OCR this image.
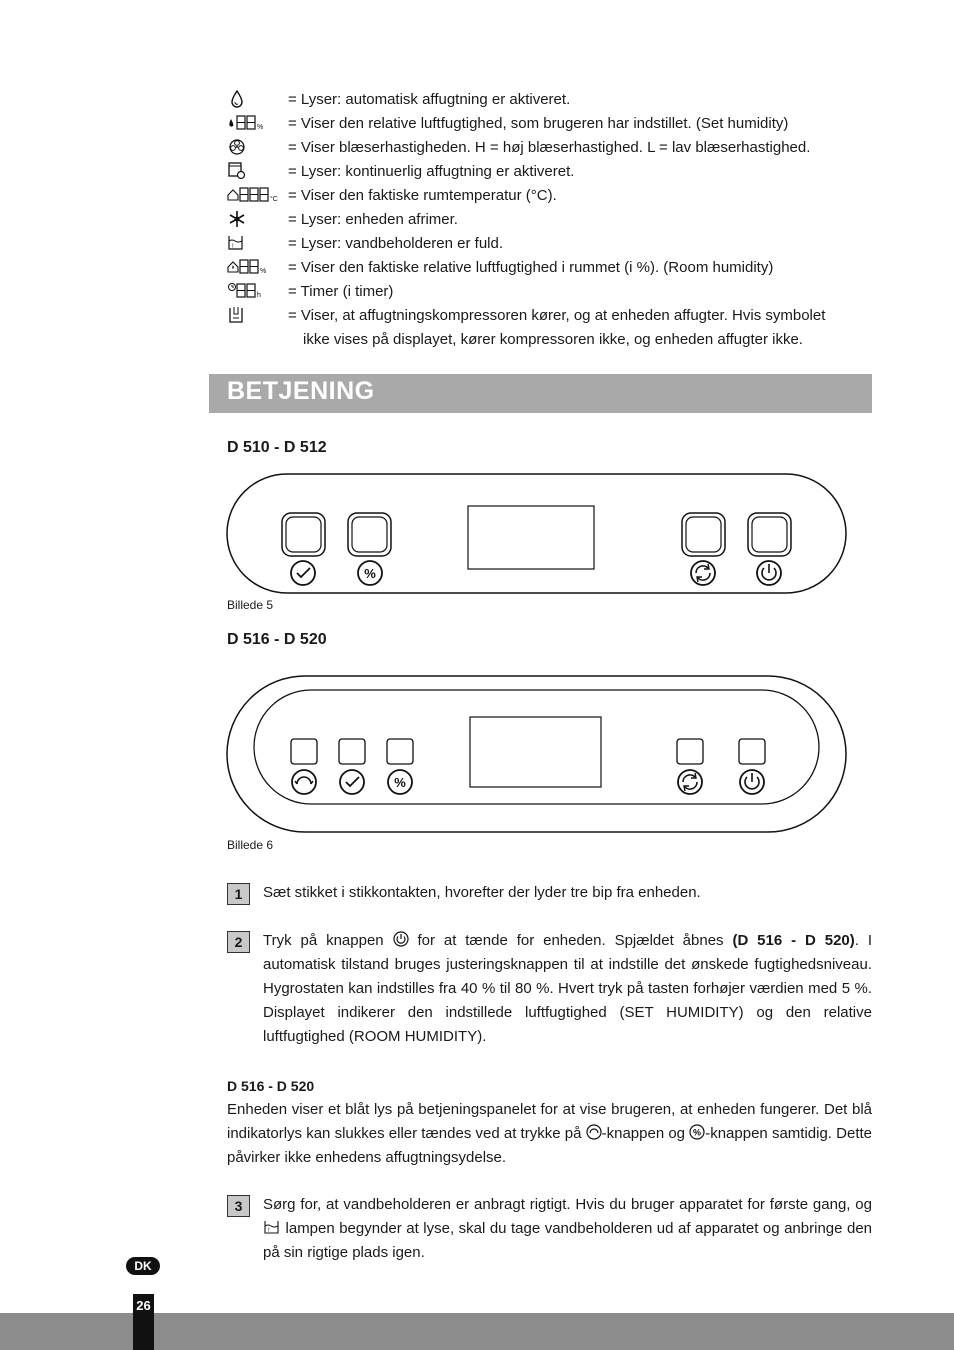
= Lyser: automatisk affugtning er aktiveret.
% = Viser den relative luftfugtighed, som brugeren har indstillet. (Set humidity)
= Viser blæserhastigheden. H = høj blæserhastighed. L = lav blæserhastighed.
= Lyser: kontinuerlig affugtning er aktiveret.
°C = Viser den faktiske rumtemperatur (°C).
= Lyser: enheden afrimer.
!	= Lyser: vandbeholderen er fuld.
% = Viser den faktiske relative luftfugtighed i rummet (i %). (Room humidity)
h = Timer (i timer)
= Viser, at affugtningskompressoren kører, og at enheden affugter. Hvis symbolet
ikke vises på displayet, kører kompressoren ikke, og enheden affugter ikke.
BETJENING
D 510 - D 512
%
Billede 5
D 516 - D 520
%
Billede 6
1	Sæt stikket i stikkontakten, hvorefter der lyder tre bip fra enheden.
2	Tryk på knappen for at tænde for enheden. Spjældet åbnes (D 516 - D 520). I automatisk tilstand bruges justeringsknappen til at indstille det ønskede fugtighedsniveau. Hygrostaten kan indstilles fra 40 % til 80 %. Hvert tryk på tasten forhøjer værdien med 5 %. Displayet indikerer den indstillede luftfugtighed (SET HUMIDITY) og den relative luftfugtighed (ROOM HUMIDITY).
D 516 - D 520
Enheden viser et blåt lys på betjeningspanelet for at vise brugeren, at enheden fungerer. Det blå indikatorlys kan slukkes eller tændes ved at trykke på -knappen og % -knappen samtidig. Dette påvirker ikke enhedens affugtningsydelse.
3	Sørg for, at vandbeholderen er anbragt rigtigt. Hvis du bruger apparatet for første gang, og
! lampen begynder at lyse, skal du tage vandbeholderen ud af apparatet og anbringe den på sin rigtige plads igen.
DK
26
